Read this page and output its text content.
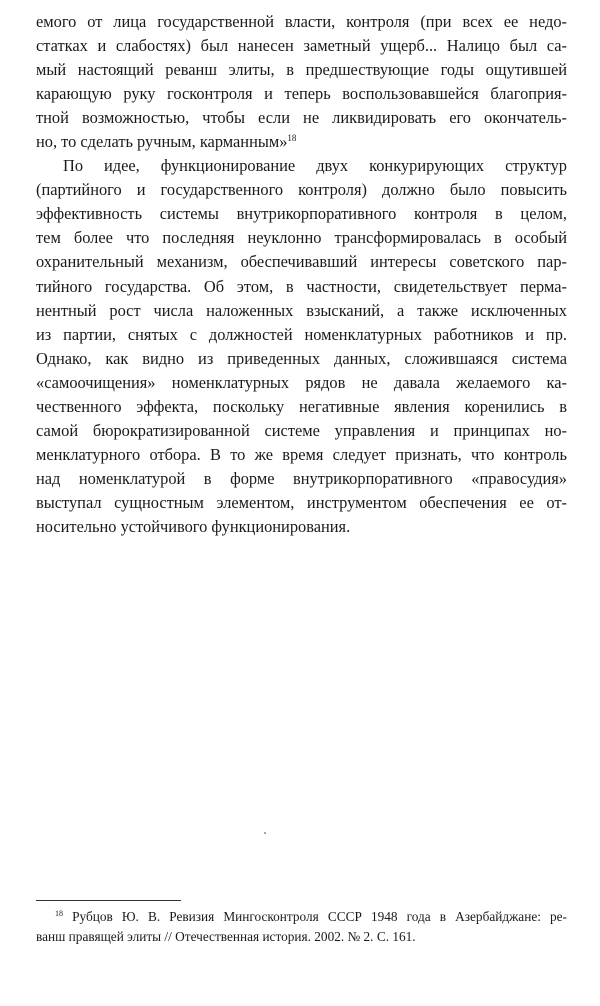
емого от лица государственной власти, контроля (при всех ее недо-
статках и слабостях) был нанесен заметный ущерб... Налицо был са-
мый настоящий реванш элиты, в предшествующие годы ощутившей
карающую руку госконтроля и теперь воспользовавшейся благоприя-
тной возможностью, чтобы если не ликвидировать его окончатель-
но, то сделать ручным, карманным»$^{18}$
По идее, функционирование двух конкурирующих структур
(партийного и государственного контроля) должно было повысить
эффективность системы внутрикорпоративного контроля в целом,
тем более что последняя неуклонно трансформировалась в особый
охранительный механизм, обеспечивавший интересы советского пар-
тийного государства. Об этом, в частности, свидетельствует перма-
нентный рост числа наложенных взысканий, а также исключенных
из партии, снятых с должностей номенклатурных работников и пр.
Однако, как видно из приведенных данных, сложившаяся система
«самоочищения» номенклатурных рядов не давала желаемого ка-
чественного эффекта, поскольку негативные явления коренились в
самой бюрократизированной системе управления и принципах но-
менклатурного отбора. В то же время следует признать, что контроль
над номенклатурой в форме внутрикорпоративного «правосудия»
выступал сущностным элементом, инструментом обеспечения ее от-
носительно устойчивого функционирования.
$^{18}$ Рубцов Ю. В. Ревизия Мингосконтроля СССР 1948 года в Азербайджане: ре-
ванш правящей элиты // Отечественная история. 2002. № 2. С. 161.
